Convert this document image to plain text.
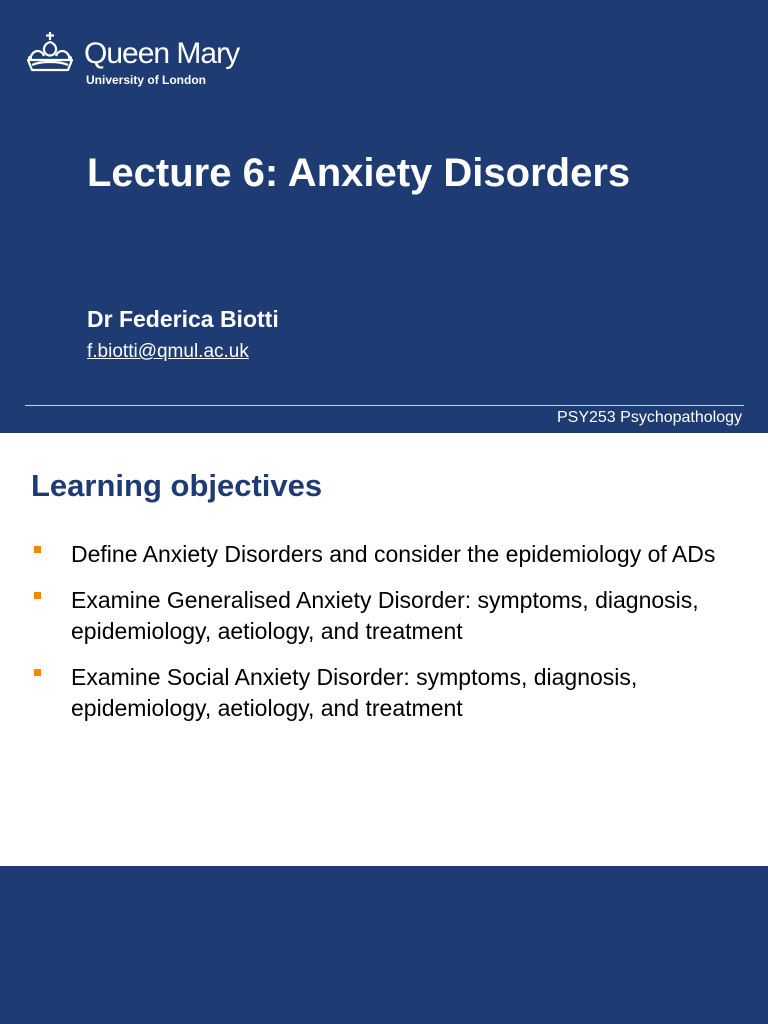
Queen Mary
University of London
Lecture 6: Anxiety Disorders
Dr Federica Biotti
f.biotti@qmul.ac.uk
PSY253 Psychopathology
Learning objectives
Define Anxiety Disorders and consider the epidemiology of ADs
Examine Generalised Anxiety Disorder: symptoms, diagnosis, epidemiology, aetiology, and treatment
Examine Social Anxiety Disorder: symptoms, diagnosis, epidemiology, aetiology, and treatment
